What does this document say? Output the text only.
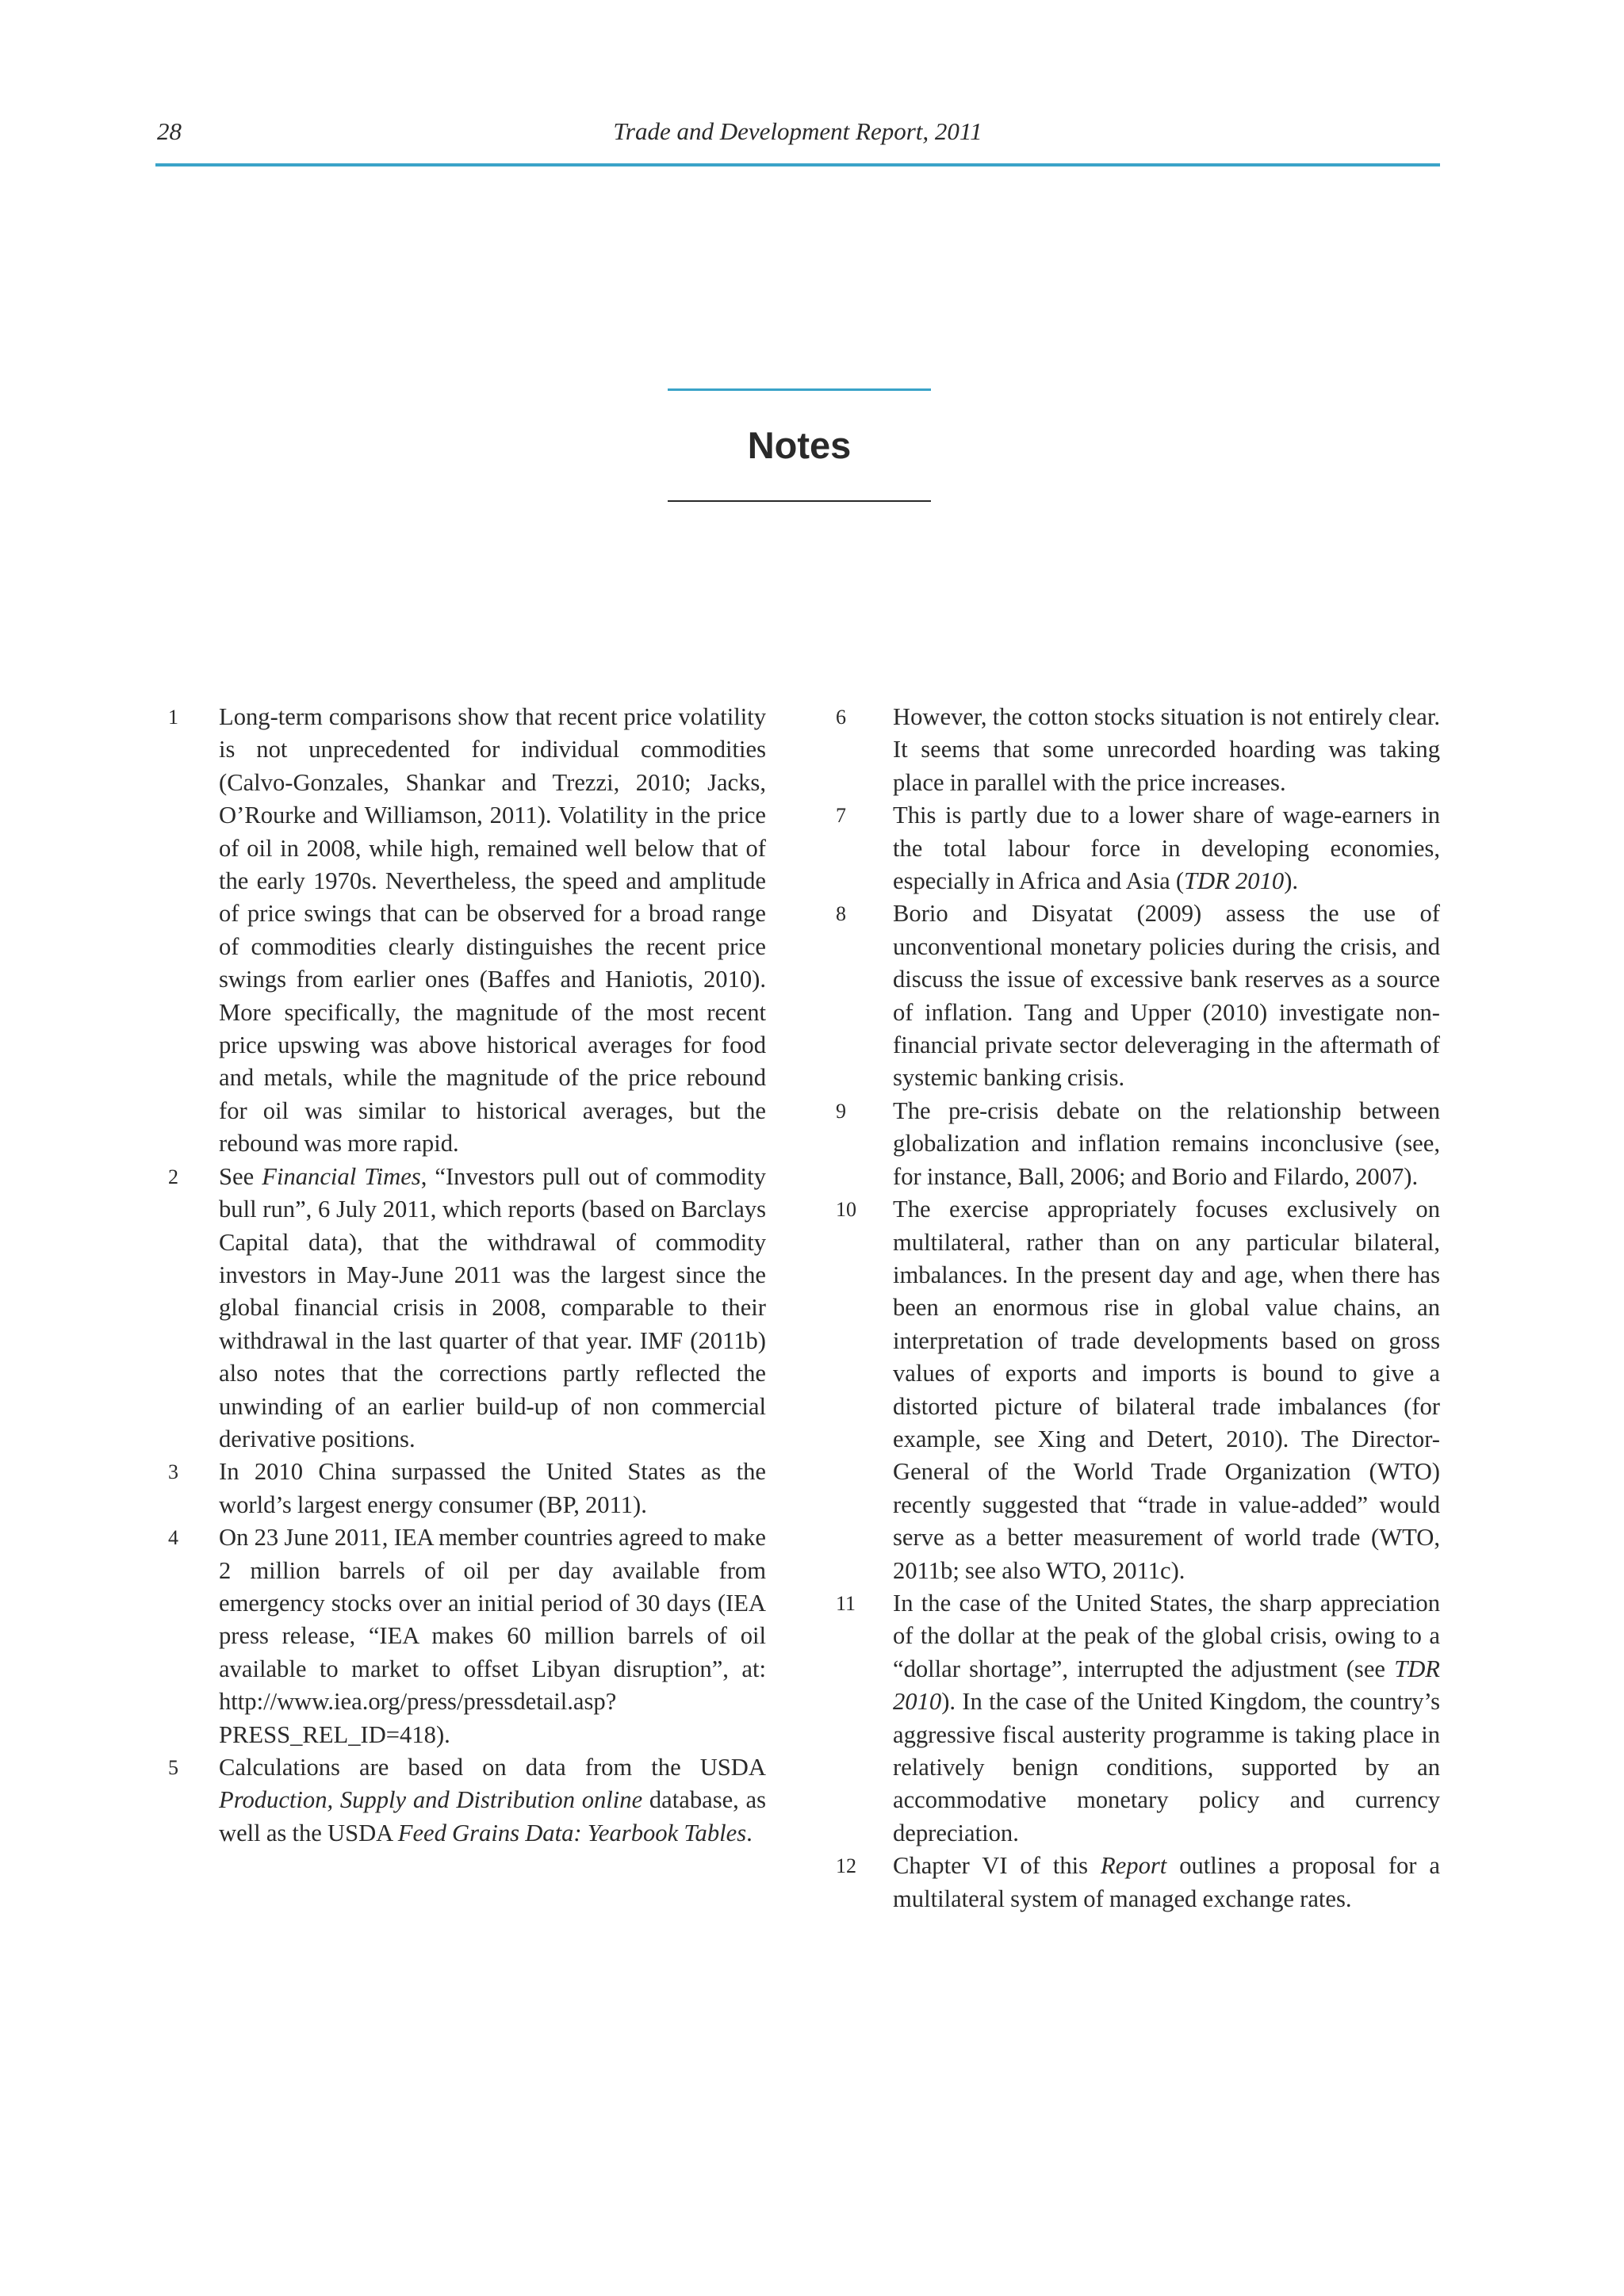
28	Trade and Development Report, 2011
Notes
1	Long-term comparisons show that recent price volatility is not unprecedented for individual commodities (Calvo-Gonzales, Shankar and Trezzi, 2010; Jacks, O’Rourke and Williamson, 2011). Volatility in the price of oil in 2008, while high, remained well below that of the early 1970s. Nevertheless, the speed and amplitude of price swings that can be observed for a broad range of commodities clearly distinguishes the recent price swings from earlier ones (Baffes and Haniotis, 2010). More specifically, the magnitude of the most recent price upswing was above historical averages for food and metals, while the magnitude of the price rebound for oil was similar to historical averages, but the rebound was more rapid.
2	See Financial Times, “Investors pull out of commodity bull run”, 6 July 2011, which reports (based on Barclays Capital data), that the withdrawal of commodity investors in May-June 2011 was the largest since the global financial crisis in 2008, comparable to their withdrawal in the last quarter of that year. IMF (2011b) also notes that the corrections partly reflected the unwinding of an earlier build-up of non commercial derivative positions.
3	In 2010 China surpassed the United States as the world’s largest energy consumer (BP, 2011).
4	On 23 June 2011, IEA member countries agreed to make 2 million barrels of oil per day available from emergency stocks over an initial period of 30 days (IEA press release, “IEA makes 60 million barrels of oil available to market to offset Libyan disruption”, at: http://www.iea.org/press/pressdetail.asp?PRESS_REL_ID=418).
5	Calculations are based on data from the USDA Production, Supply and Distribution online database, as well as the USDA Feed Grains Data: Yearbook Tables.
6	However, the cotton stocks situation is not entirely clear. It seems that some unrecorded hoarding was taking place in parallel with the price increases.
7	This is partly due to a lower share of wage-earners in the total labour force in developing economies, especially in Africa and Asia (TDR 2010).
8	Borio and Disyatat (2009) assess the use of unconventional monetary policies during the crisis, and discuss the issue of excessive bank reserves as a source of inflation. Tang and Upper (2010) investigate non-financial private sector deleveraging in the aftermath of systemic banking crisis.
9	The pre-crisis debate on the relationship between globalization and inflation remains inconclusive (see, for instance, Ball, 2006; and Borio and Filardo, 2007).
10	The exercise appropriately focuses exclusively on multilateral, rather than on any particular bilateral, imbalances. In the present day and age, when there has been an enormous rise in global value chains, an interpretation of trade developments based on gross values of exports and imports is bound to give a distorted picture of bilateral trade imbalances (for example, see Xing and Detert, 2010). The Director-General of the World Trade Organization (WTO) recently suggested that “trade in value-added” would serve as a better measurement of world trade (WTO, 2011b; see also WTO, 2011c).
11	In the case of the United States, the sharp appreciation of the dollar at the peak of the global crisis, owing to a “dollar shortage”, interrupted the adjustment (see TDR 2010). In the case of the United Kingdom, the country’s aggressive fiscal austerity programme is taking place in relatively benign conditions, supported by an accommodative monetary policy and currency depreciation.
12	Chapter VI of this Report outlines a proposal for a multilateral system of managed exchange rates.
